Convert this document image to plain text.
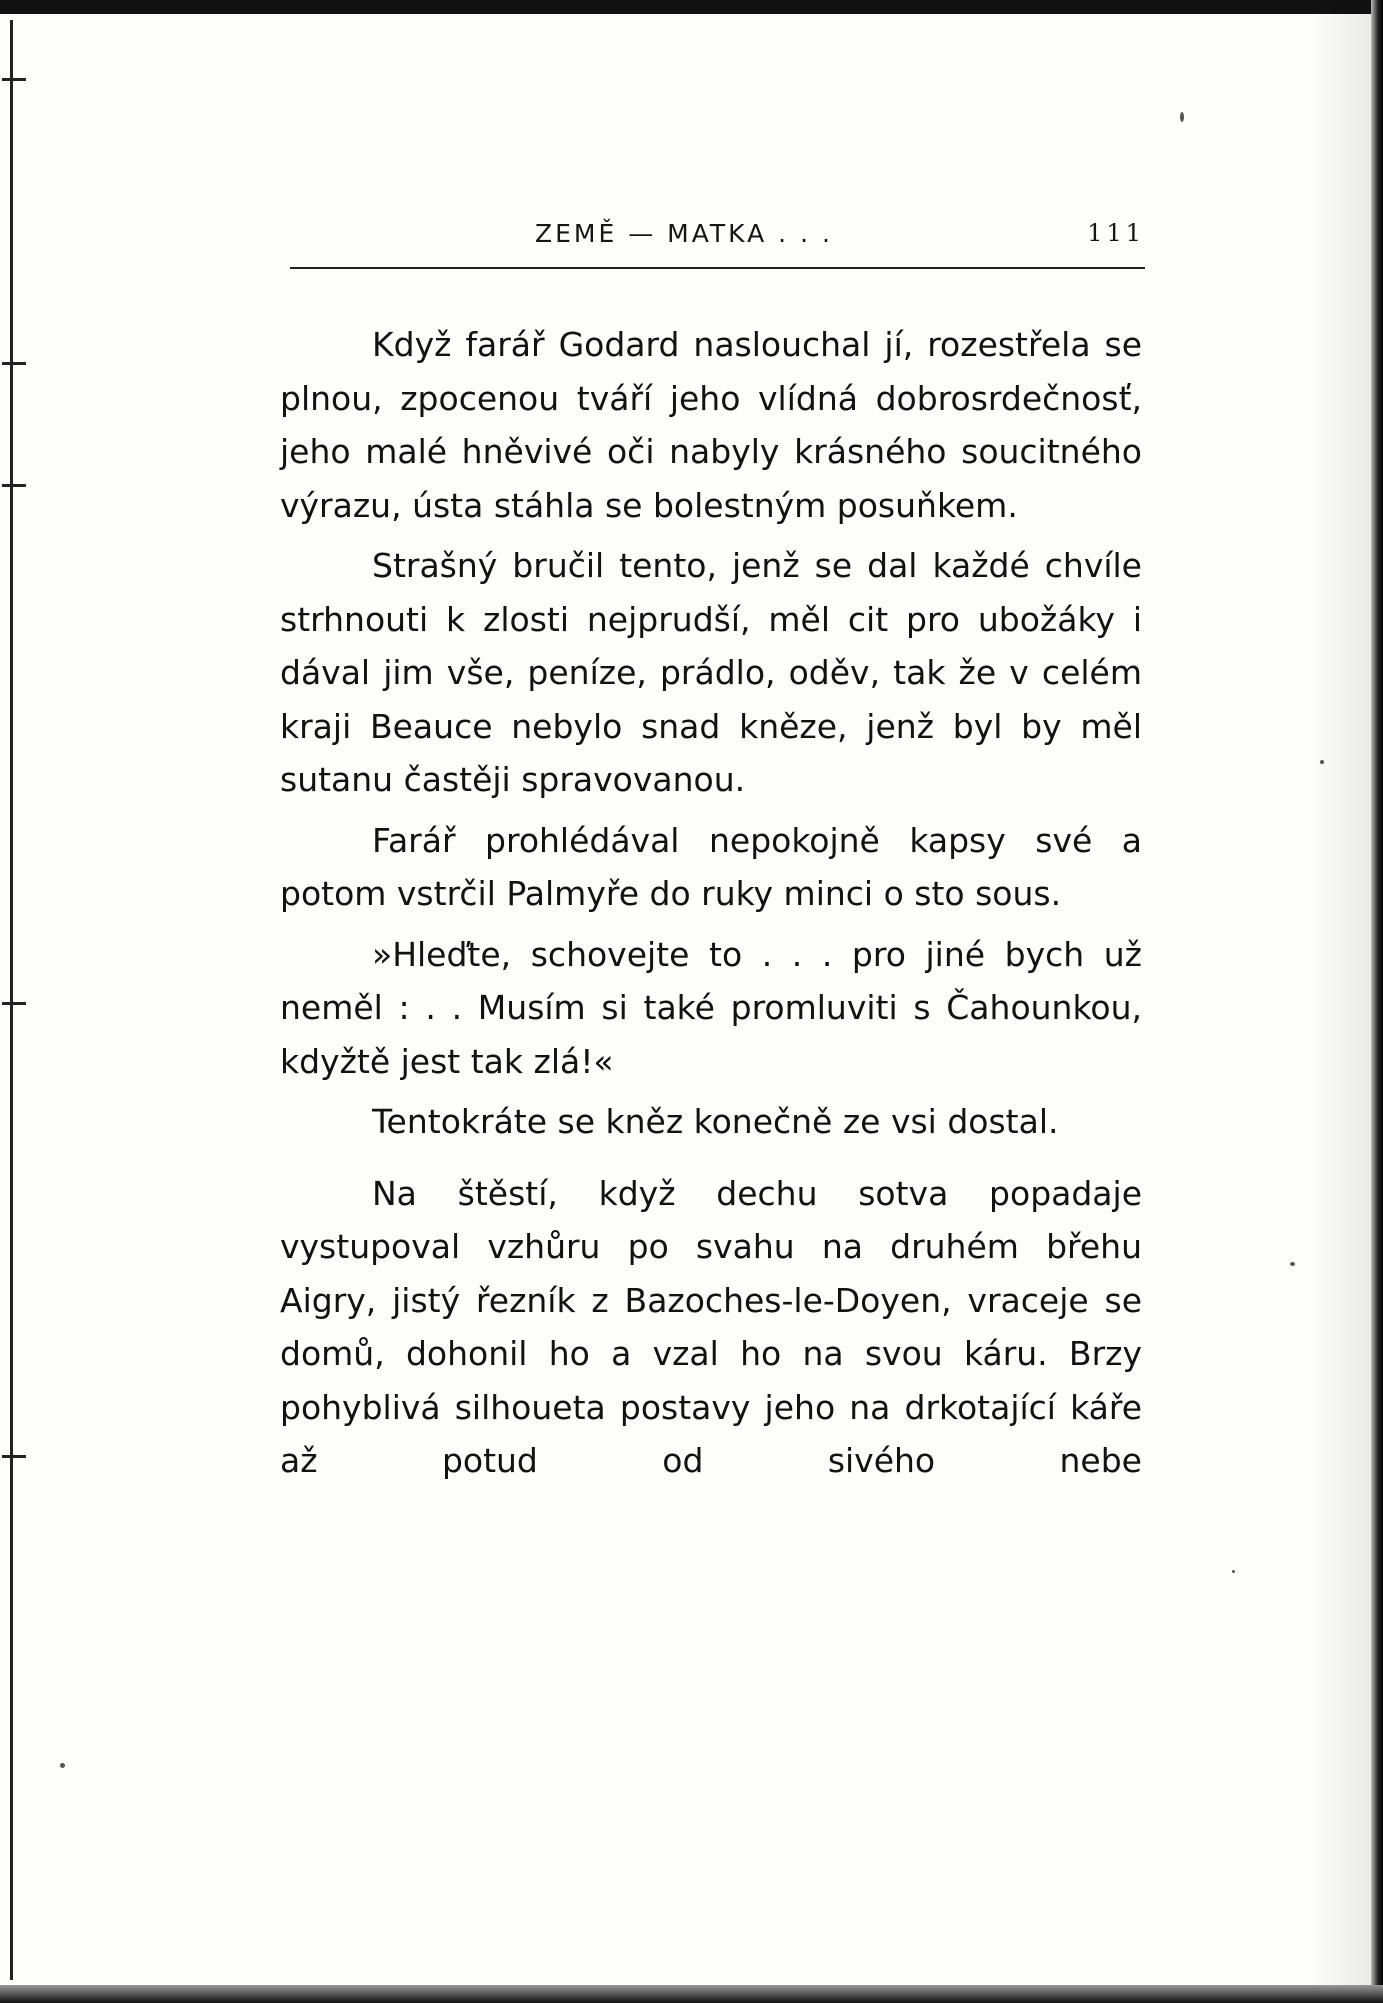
ZEMĚ — MATKA . . .	111

Když farář Godard naslouchal jí, rozestřela se plnou, zpocenou tváří jeho vlídná dobrosrdečnosť, jeho malé hněvivé oči nabyly krásného soucitného výrazu, ústa stáhla se bolestným posuňkem.

Strašný bručil tento, jenž se dal každé chvíle strhnouti k zlosti nejprudší, měl cit pro ubožáky i dával jim vše, peníze, prádlo, oděv, tak že v celém kraji Beauce nebylo snad kněze, jenž byl by měl sutanu častěji spravovanou.

Farář prohlédával nepokojně kapsy své a potom vstrčil Palmyře do ruky minci o sto sous.

»Hleďte, schovejte to . . . pro jiné bych už neměl : . . Musím si také promluviti s Čahounkou, kdyžtě jest tak zlá!«

Tentokráte se kněz konečně ze vsi dostal.

Na štěstí, když dechu sotva popadaje vystupoval vzhůru po svahu na druhém břehu Aigry, jistý řezník z Bazoches-le-Doyen, vraceje se domů, dohonil ho a vzal ho na svou káru. Brzy pohyblivá silhoueta postavy jeho na drkotající káře až potud od sivého nebe
